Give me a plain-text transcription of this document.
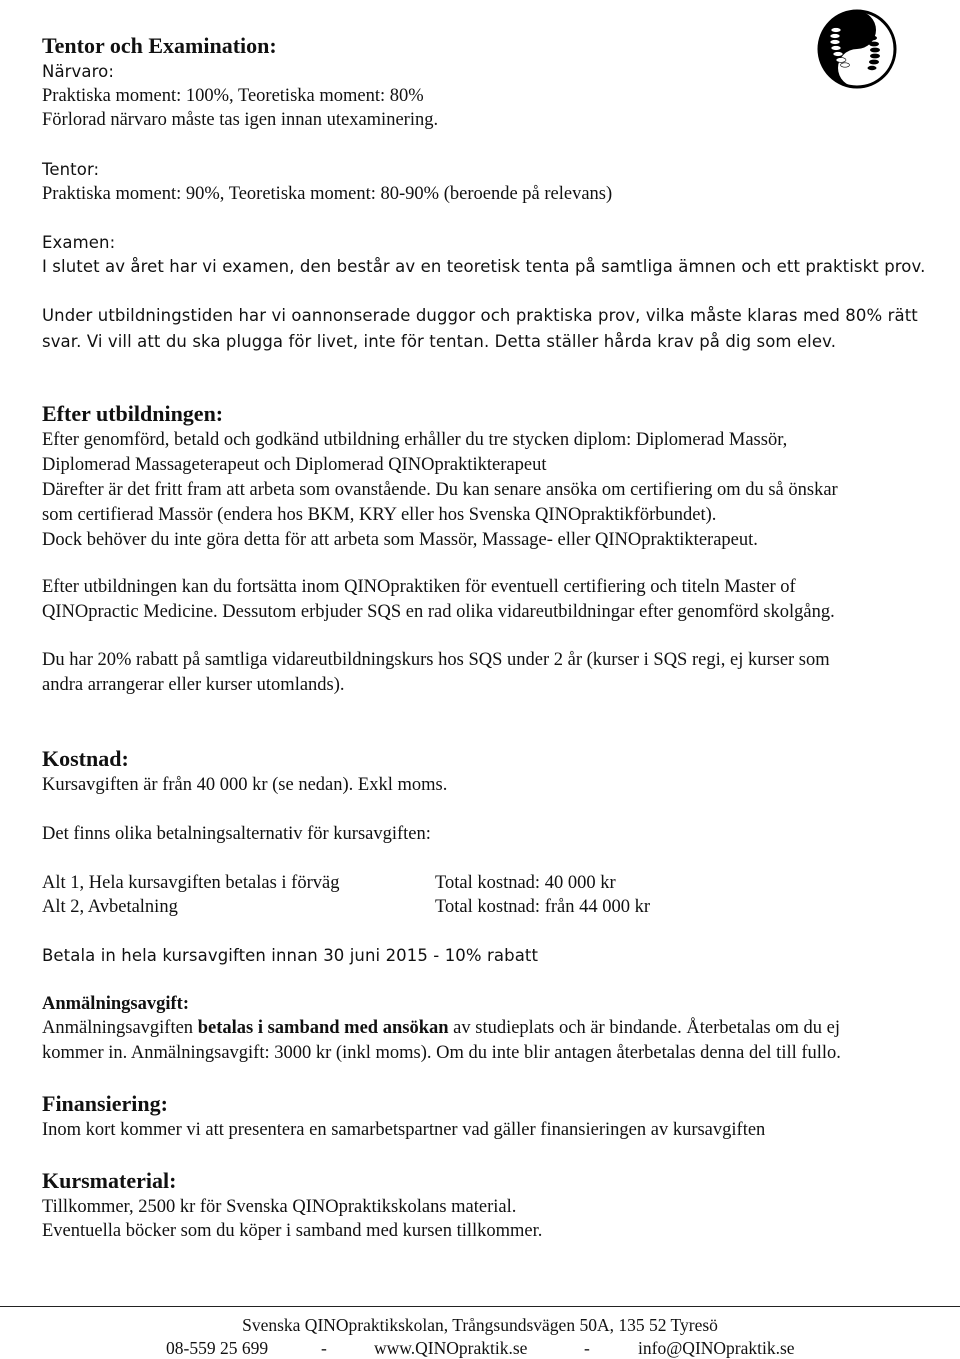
Tentor och Examination:
Närvaro:
Praktiska moment: 100%, Teoretiska moment: 80%
Förlorad närvaro måste tas igen innan utexaminering.
Tentor:
Praktiska moment: 90%, Teoretiska moment: 80-90% (beroende på relevans)
Examen:
I slutet av året har vi examen, den består av en teoretisk tenta på samtliga ämnen och ett praktiskt prov.
Under utbildningstiden har vi oannonserade duggor och praktiska prov, vilka måste klaras med 80% rätt
svar. Vi vill att du ska plugga för livet, inte för tentan. Detta ställer hårda krav på dig som elev.
Efter utbildningen:
Efter genomförd, betald och godkänd utbildning erhåller du tre stycken diplom: Diplomerad Massör,
Diplomerad Massageterapeut och Diplomerad QINOpraktikterapeut
Därefter är det fritt fram att arbeta som ovanstående. Du kan senare ansöka om certifiering om du så önskar
som certifierad Massör (endera hos BKM, KRY eller hos Svenska QINOpraktikförbundet).
Dock behöver du inte göra detta för att arbeta som Massör, Massage- eller QINOpraktikterapeut.
Efter utbildningen kan du fortsätta inom QINOpraktiken för eventuell certifiering och titeln Master of
QINOpractic Medicine. Dessutom erbjuder SQS en rad olika vidareutbildningar efter genomförd skolgång.
Du har 20% rabatt på samtliga vidareutbildningskurs hos SQS under 2 år (kurser i SQS regi, ej kurser som
andra arrangerar eller kurser utomlands).
Kostnad:
Kursavgiften är från 40 000 kr (se nedan). Exkl moms.
Det finns olika betalningsalternativ för kursavgiften:
Alt 1, Hela kursavgiften betalas i förväg	Total kostnad: 40 000 kr
Alt 2, Avbetalning	Total kostnad: från 44 000 kr
Betala in hela kursavgiften innan 30 juni 2015 - 10% rabatt
Anmälningsavgift:
Anmälningsavgiften betalas i samband med ansökan av studieplats och är bindande. Återbetalas om du ej
kommer in. Anmälningsavgift: 3000 kr (inkl moms). Om du inte blir antagen återbetalas denna del till fullo.
Finansiering:
Inom kort kommer vi att presentera en samarbetspartner vad gäller finansieringen av kursavgiften
Kursmaterial:
Tillkommer, 2500 kr för Svenska QINOpraktikskolans material.
Eventuella böcker som du köper i samband med kursen tillkommer.
Svenska QINOpraktikskolan, Trångsundsvägen 50A, 135 52 Tyresö
08-559 25 699	-	www.QINOpraktik.se	-	info@QINOpraktik.se
